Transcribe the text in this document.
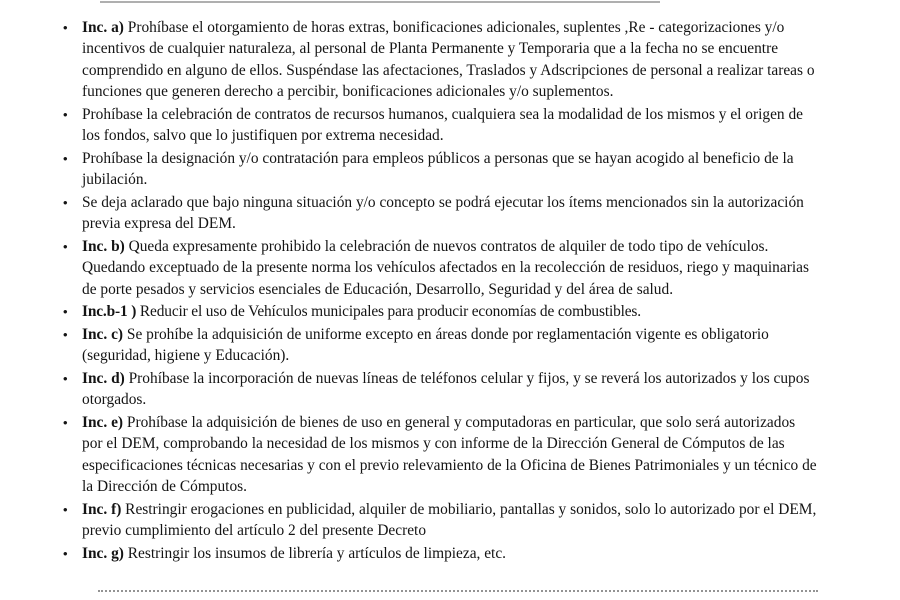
• Inc. a) Prohíbase el otorgamiento de horas extras, bonificaciones adicionales, suplentes ,Re - categorizaciones y/o incentivos de cualquier naturaleza, al personal de Planta Permanente y Temporaria que a la fecha no se encuentre comprendido en alguno de ellos. Suspéndase las afectaciones, Traslados y Adscripciones de personal a realizar tareas o funciones que generen derecho a percibir, bonificaciones adicionales y/o suplementos.
• Prohíbase la celebración de contratos de recursos humanos, cualquiera sea la modalidad de los mismos y el origen de los fondos, salvo que lo justifiquen por extrema necesidad.
• Prohíbase la designación y/o contratación para empleos públicos a personas que se hayan acogido al beneficio de la jubilación.
• Se deja aclarado que bajo ninguna situación y/o concepto se podrá ejecutar los ítems mencionados sin la autorización previa expresa del DEM.
• Inc. b) Queda expresamente prohibido la celebración de nuevos contratos de alquiler de todo tipo de vehículos. Quedando exceptuado de la presente norma los vehículos afectados en la recolección de residuos, riego y maquinarias de porte pesados y servicios esenciales de Educación, Desarrollo, Seguridad y del área de salud.
• Inc.b-1 ) Reducir el uso de Vehículos municipales para producir economías de combustibles.
• Inc. c) Se prohíbe la adquisición de uniforme excepto en áreas donde por reglamentación vigente es obligatorio (seguridad, higiene y Educación).
• Inc. d) Prohíbase la incorporación de nuevas líneas de teléfonos celular y fijos, y se reverá los autorizados y los cupos otorgados.
• Inc. e) Prohíbase la adquisición de bienes de uso en general y computadoras en particular, que solo será autorizados por el DEM, comprobando la necesidad de los mismos y con informe de la Dirección General de Cómputos de las especificaciones técnicas necesarias y con el previo relevamiento de la Oficina de Bienes Patrimoniales y un técnico de la Dirección de Cómputos.
• Inc. f) Restringir erogaciones en publicidad, alquiler de mobiliario, pantallas y sonidos, solo lo autorizado por el DEM, previo cumplimiento del artículo 2 del presente Decreto
• Inc. g) Restringir los insumos de librería y artículos de limpieza, etc.
